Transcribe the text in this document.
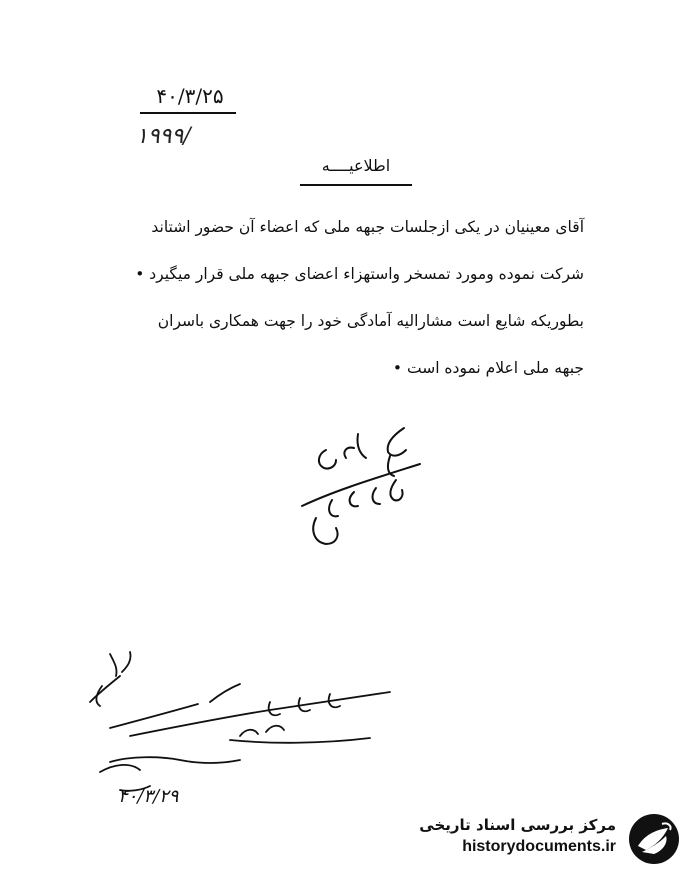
۴۰/۳/۲۵
۱۹۹۹/
اطلاعیــــه

آقای معینیان در یکی ازجلسات جبهه ملی که اعضاء آن حضور اشتاند

شرکت نموده ومورد تمسخر واستهزاء اعضای جبهه ملی قرار میگیرد •

بطوریکه شایع است مشارالیه آمادگی خود را جهت همکاری باسران

جبهه ملی اعلام نموده است •

۴۰/۳/۲۹
مرکز بررسی اسناد تاریخی
historydocuments.ir
